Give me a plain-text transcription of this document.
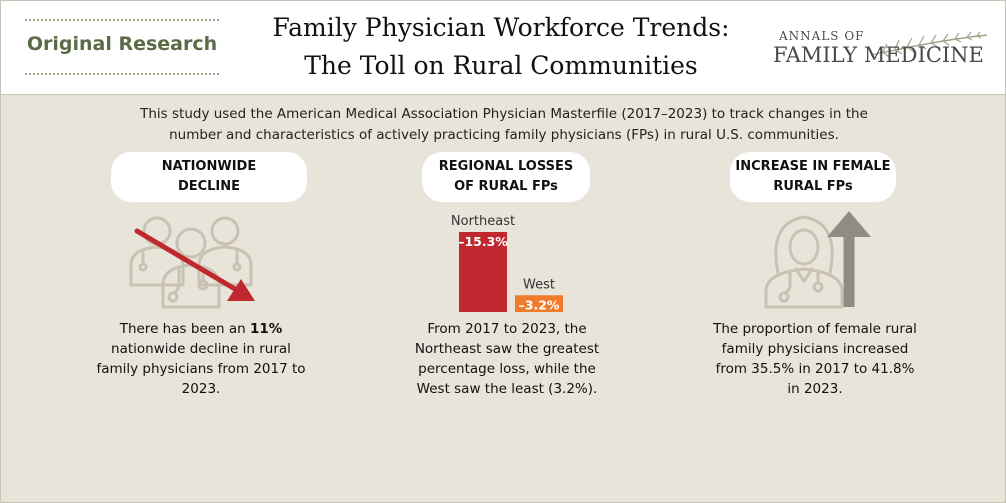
Original Research
Family Physician Workforce Trends:
The Toll on Rural Communities
ANNALS OF
FAMILY MEDICINE
This study used the American Medical Association Physician Masterfile (2017–2023) to track changes in the
number and characteristics of actively practicing family physicians (FPs) in rural U.S. communities.
NATIONWIDE
DECLINE
There has been an 11% nationwide decline in rural family physicians from 2017 to 2023.
REGIONAL LOSSES
OF RURAL FPs
Northeast
–15.3%
West
–3.2%
From 2017 to 2023, the Northeast saw the greatest percentage loss, while the West saw the least (3.2%).
INCREASE IN FEMALE
RURAL FPs
The proportion of female rural family physicians increased from 35.5% in 2017 to 41.8% in 2023.
